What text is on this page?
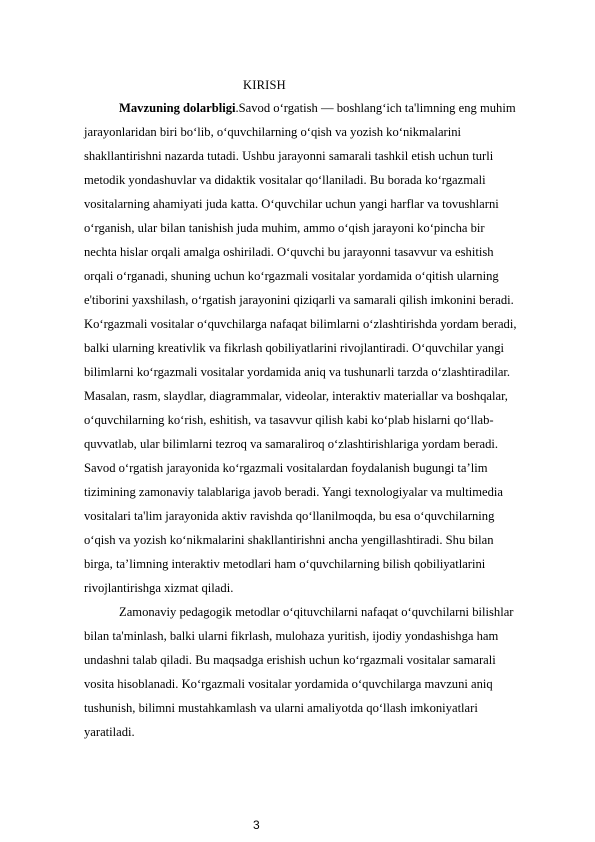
KIRISH
Mavzuning dolarbligi.Savod o‘rgatish — boshlang‘ich ta'limning eng muhim
jarayonlaridan biri bo‘lib, o‘quvchilarning o‘qish va yozish ko‘nikmalarini
shakllantirishni nazarda tutadi. Ushbu jarayonni samarali tashkil etish uchun turli
metodik yondashuvlar va didaktik vositalar qo‘llaniladi. Bu borada ko‘rgazmali
vositalarning ahamiyati juda katta. O‘quvchilar uchun yangi harflar va tovushlarni
o‘rganish, ular bilan tanishish juda muhim, ammo o‘qish jarayoni ko‘pincha bir
nechta hislar orqali amalga oshiriladi. O‘quvchi bu jarayonni tasavvur va eshitish
orqali o‘rganadi, shuning uchun ko‘rgazmali vositalar yordamida o‘qitish ularning
e'tiborini yaxshilash, o‘rgatish jarayonini qiziqarli va samarali qilish imkonini beradi.
Ko‘rgazmali vositalar o‘quvchilarga nafaqat bilimlarni o‘zlashtirishda yordam beradi,
balki ularning kreativlik va fikrlash qobiliyatlarini rivojlantiradi. O‘quvchilar yangi
bilimlarni ko‘rgazmali vositalar yordamida aniq va tushunarli tarzda o‘zlashtiradilar.
Masalan, rasm, slaydlar, diagrammalar, videolar, interaktiv materiallar va boshqalar,
o‘quvchilarning ko‘rish, eshitish, va tasavvur qilish kabi ko‘plab hislarni qo‘llab-
quvvatlab, ular bilimlarni tezroq va samaraliroq o‘zlashtirishlariga yordam beradi.
Savod o‘rgatish jarayonida ko‘rgazmali vositalardan foydalanish bugungi ta’lim
tizimining zamonaviy talablariga javob beradi. Yangi texnologiyalar va multimedia
vositalari ta'lim jarayonida aktiv ravishda qo‘llanilmoqda, bu esa o‘quvchilarning
o‘qish va yozish ko‘nikmalarini shakllantirishni ancha yengillashtiradi. Shu bilan
birga, ta’limning interaktiv metodlari ham o‘quvchilarning bilish qobiliyatlarini
rivojlantirishga xizmat qiladi.
Zamonaviy pedagogik metodlar o‘qituvchilarni nafaqat o‘quvchilarni bilishlar
bilan ta'minlash, balki ularni fikrlash, mulohaza yuritish, ijodiy yondashishga ham
undashni talab qiladi. Bu maqsadga erishish uchun ko‘rgazmali vositalar samarali
vosita hisoblanadi. Ko‘rgazmali vositalar yordamida o‘quvchilarga mavzuni aniq
tushunish, bilimni mustahkamlash va ularni amaliyotda qo‘llash imkoniyatlari
yaratiladi.
3
